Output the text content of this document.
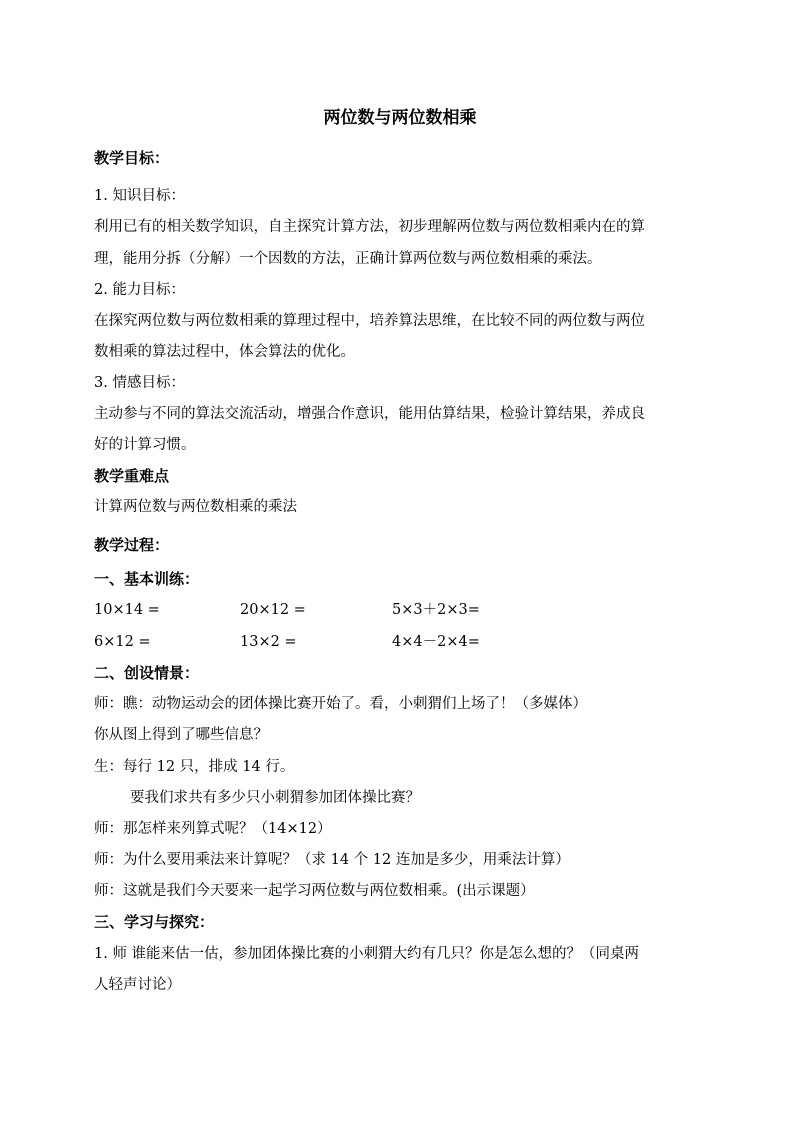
两位数与两位数相乘
教学目标：
1. 知识目标：
利用已有的相关数学知识，自主探究计算方法，初步理解两位数与两位数相乘内在的算
理，能用分拆（分解）一个因数的方法，正确计算两位数与两位数相乘的乘法。
2. 能力目标：
在探究两位数与两位数相乘的算理过程中，培养算法思维，在比较不同的两位数与两位
数相乘的算法过程中，体会算法的优化。
3. 情感目标：
主动参与不同的算法交流活动，增强合作意识，能用估算结果，检验计算结果，养成良
好的计算习惯。
教学重难点
计算两位数与两位数相乘的乘法
教学过程：
一、基本训练：
10×14 =	20×12 =	5×3＋2×3=
6×12 =	13×2 =	4×4－2×4=
二、创设情景：
师：瞧：动物运动会的团体操比赛开始了。看，小刺猬们上场了！（多媒体）
你从图上得到了哪些信息？
生：每行 12 只，排成 14 行。
要我们求共有多少只小刺猬参加团体操比赛？
师：那怎样来列算式呢？（14×12）
师：为什么要用乘法来计算呢？（求 14 个 12 连加是多少，用乘法计算）
师：这就是我们今天要来一起学习两位数与两位数相乘。(出示课题）
三、学习与探究：
1. 师 谁能来估一估，参加团体操比赛的小刺猬大约有几只？你是怎么想的？（同桌两
人轻声讨论）
